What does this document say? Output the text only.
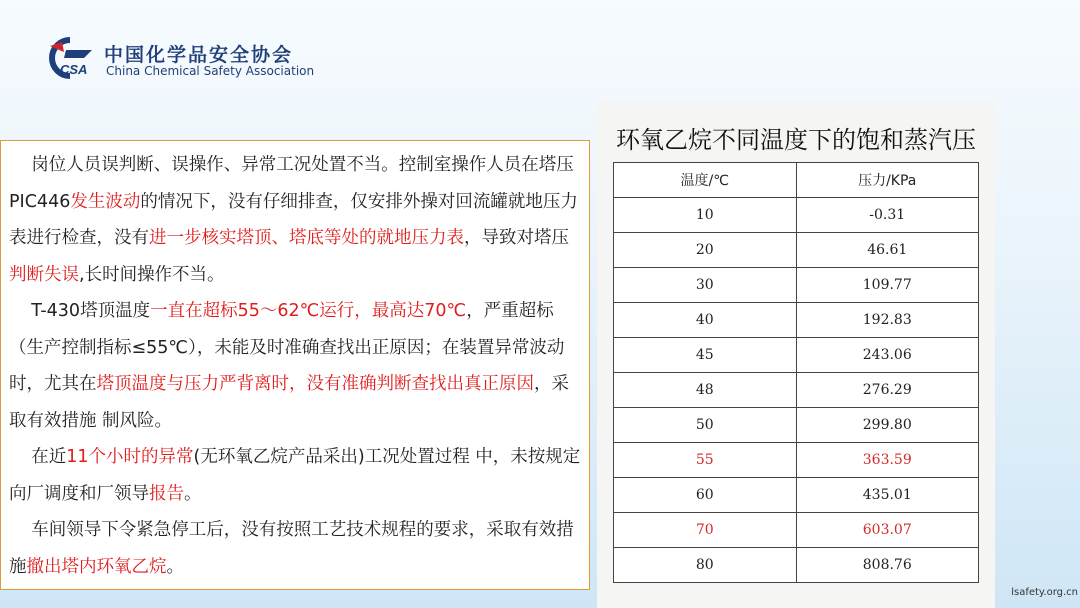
CSA
中国化学品安全协会
China Chemical Safety Association

岗位人员误判断、误操作、异常工况处置不当。控制室操作人员在塔压PIC446发生波动的情况下，没有仔细排查，仅安排外操对回流罐就地压力表进行检查，没有进一步核实塔顶、塔底等处的就地压力表，导致对塔压判断失误,长时间操作不当。

T-430塔顶温度一直在超标55～62℃运行，最高达70℃，严重超标（生产控制指标≤55℃），未能及时准确查找出正原因；在装置异常波动时，尤其在塔顶温度与压力严背离时，没有准确判断查找出真正原因，采取有效措施 制风险。

在近11个小时的异常(无环氧乙烷产品采出)工况处置过程 中，未按规定向厂调度和厂领导报告。

车间领导下令紧急停工后，没有按照工艺技术规程的要求，采取有效措施撤出塔内环氧乙烷。

环氧乙烷不同温度下的饱和蒸汽压
温度/℃	压力/KPa
10	-0.31
20	46.61
30	109.77
40	192.83
45	243.06
48	276.29
50	299.80
55	363.59
60	435.01
70	603.07
80	808.76
lsafety.org.cn
